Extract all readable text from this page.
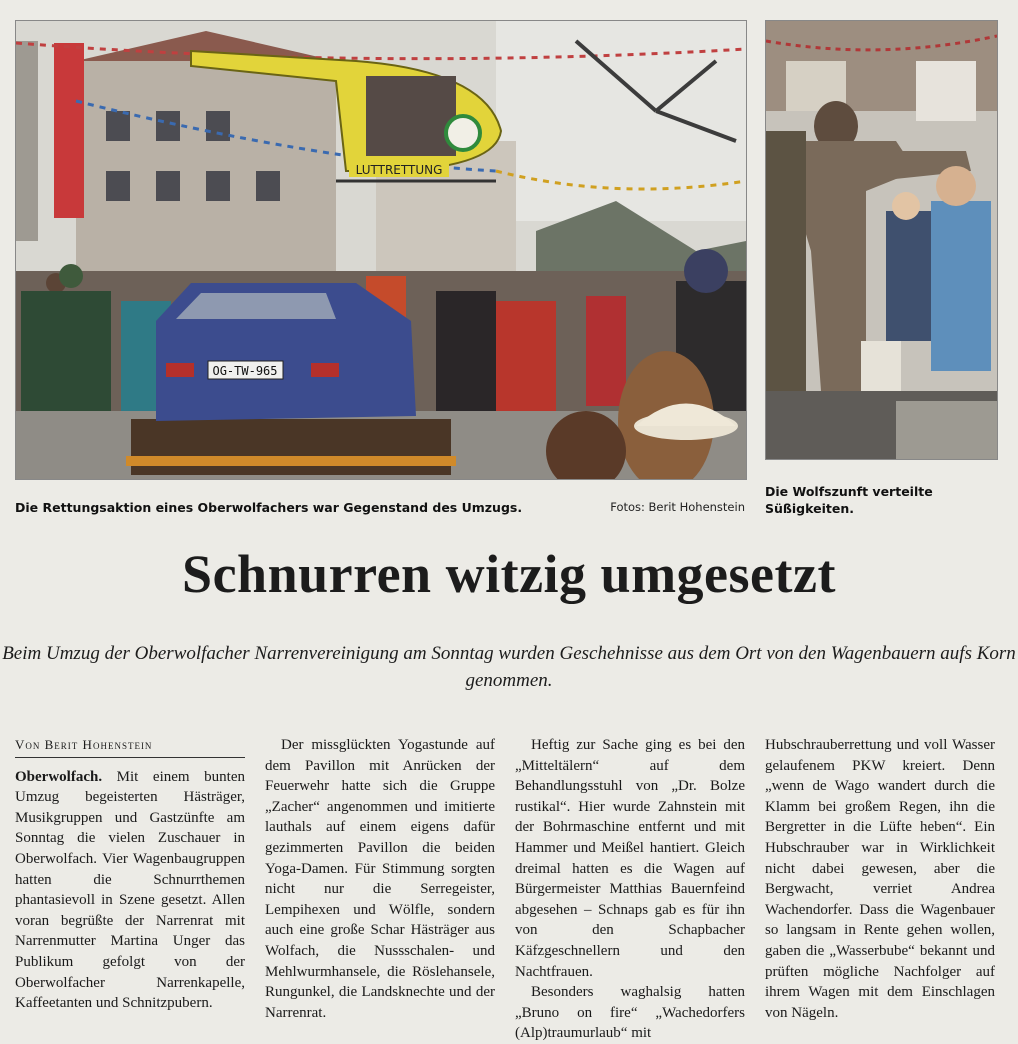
LUTTRETTUNG
OG-TW-965
Die Rettungsaktion eines Oberwolfachers war Gegenstand des Umzugs.	Fotos: Berit Hohenstein
Die Wolfszunft verteilte Süßigkeiten.
Schnurren witzig umgesetzt
Beim Umzug der Oberwolfacher Narrenvereinigung am Sonntag wurden Geschehnisse aus dem Ort von den Wagenbauern aufs Korn genommen.

Von Berit Hohenstein

Oberwolfach. Mit einem bunten Umzug begeisterten Hästräger, Musikgruppen und Gastzünfte am Sonntag die vielen Zuschauer in Oberwolfach. Vier Wagenbaugruppen hatten die Schnurrthemen phantasievoll in Szene gesetzt. Allen voran begrüßte der Narrenrat mit Narrenmutter Martina Unger das Publikum gefolgt von der Oberwolfacher Narrenkapelle, Kaffeetanten und Schnitzpubern.

Der missglückten Yogastunde auf dem Pavillon mit Anrücken der Feuerwehr hatte sich die Gruppe „Zacher“ angenommen und imitierte lauthals auf einem eigens dafür gezimmerten Pavillon die beiden Yoga-Damen. Für Stimmung sorgten nicht nur die Serregeister, Lempihexen und Wölfle, sondern auch eine große Schar Hästräger aus Wolfach, die Nussschalen- und Mehlwurmhansele, die Röslehansele, Rungunkel, die Landsknechte und der Narrenrat.

Heftig zur Sache ging es bei den „Mitteltälern“ auf dem Behandlungsstuhl von „Dr. Bolze rustikal“. Hier wurde Zahnstein mit der Bohrmaschine entfernt und mit Hammer und Meißel hantiert. Gleich dreimal hatten es die Wagen auf Bürgermeister Matthias Bauernfeind abgesehen – Schnaps gab es für ihn von den Schapbacher Käfzgeschnellern und den Nachtfrauen.

Besonders waghalsig hatten „Bruno on fire“ „Wachedorfers (Alp)traumurlaub“ mit

Hubschrauberrettung und voll Wasser gelaufenem PKW kreiert. Denn „wenn de Wago wandert durch die Klamm bei großem Regen, ihn die Bergretter in die Lüfte heben“. Ein Hubschrauber war in Wirklichkeit nicht dabei gewesen, aber die Bergwacht, verriet Andrea Wachendorfer. Dass die Wagenbauer so langsam in Rente gehen wollen, gaben die „Wasserbube“ bekannt und prüften mögliche Nachfolger auf ihrem Wagen mit dem Einschlagen von Nägeln.
